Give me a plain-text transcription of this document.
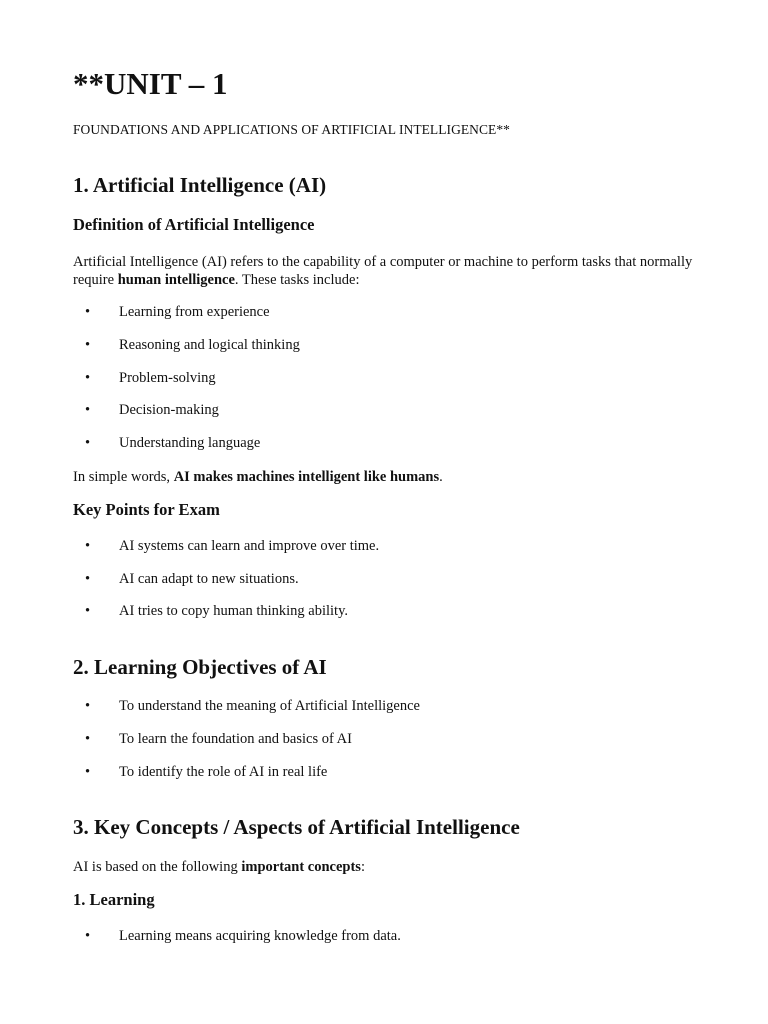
**UNIT – 1

FOUNDATIONS AND APPLICATIONS OF ARTIFICIAL INTELLIGENCE**

1. Artificial Intelligence (AI)
Definition of Artificial Intelligence

Artificial Intelligence (AI) refers to the capability of a computer or machine to perform tasks that normally require human intelligence. These tasks include:

• Learning from experience
• Reasoning and logical thinking
• Problem-solving
• Decision-making
• Understanding language

In simple words, AI makes machines intelligent like humans.

Key Points for Exam
• AI systems can learn and improve over time.
• AI can adapt to new situations.
• AI tries to copy human thinking ability.
2. Learning Objectives of AI
• To understand the meaning of Artificial Intelligence
• To learn the foundation and basics of AI
• To identify the role of AI in real life
3. Key Concepts / Aspects of Artificial Intelligence

AI is based on the following important concepts:

1. Learning
• Learning means acquiring knowledge from data.
